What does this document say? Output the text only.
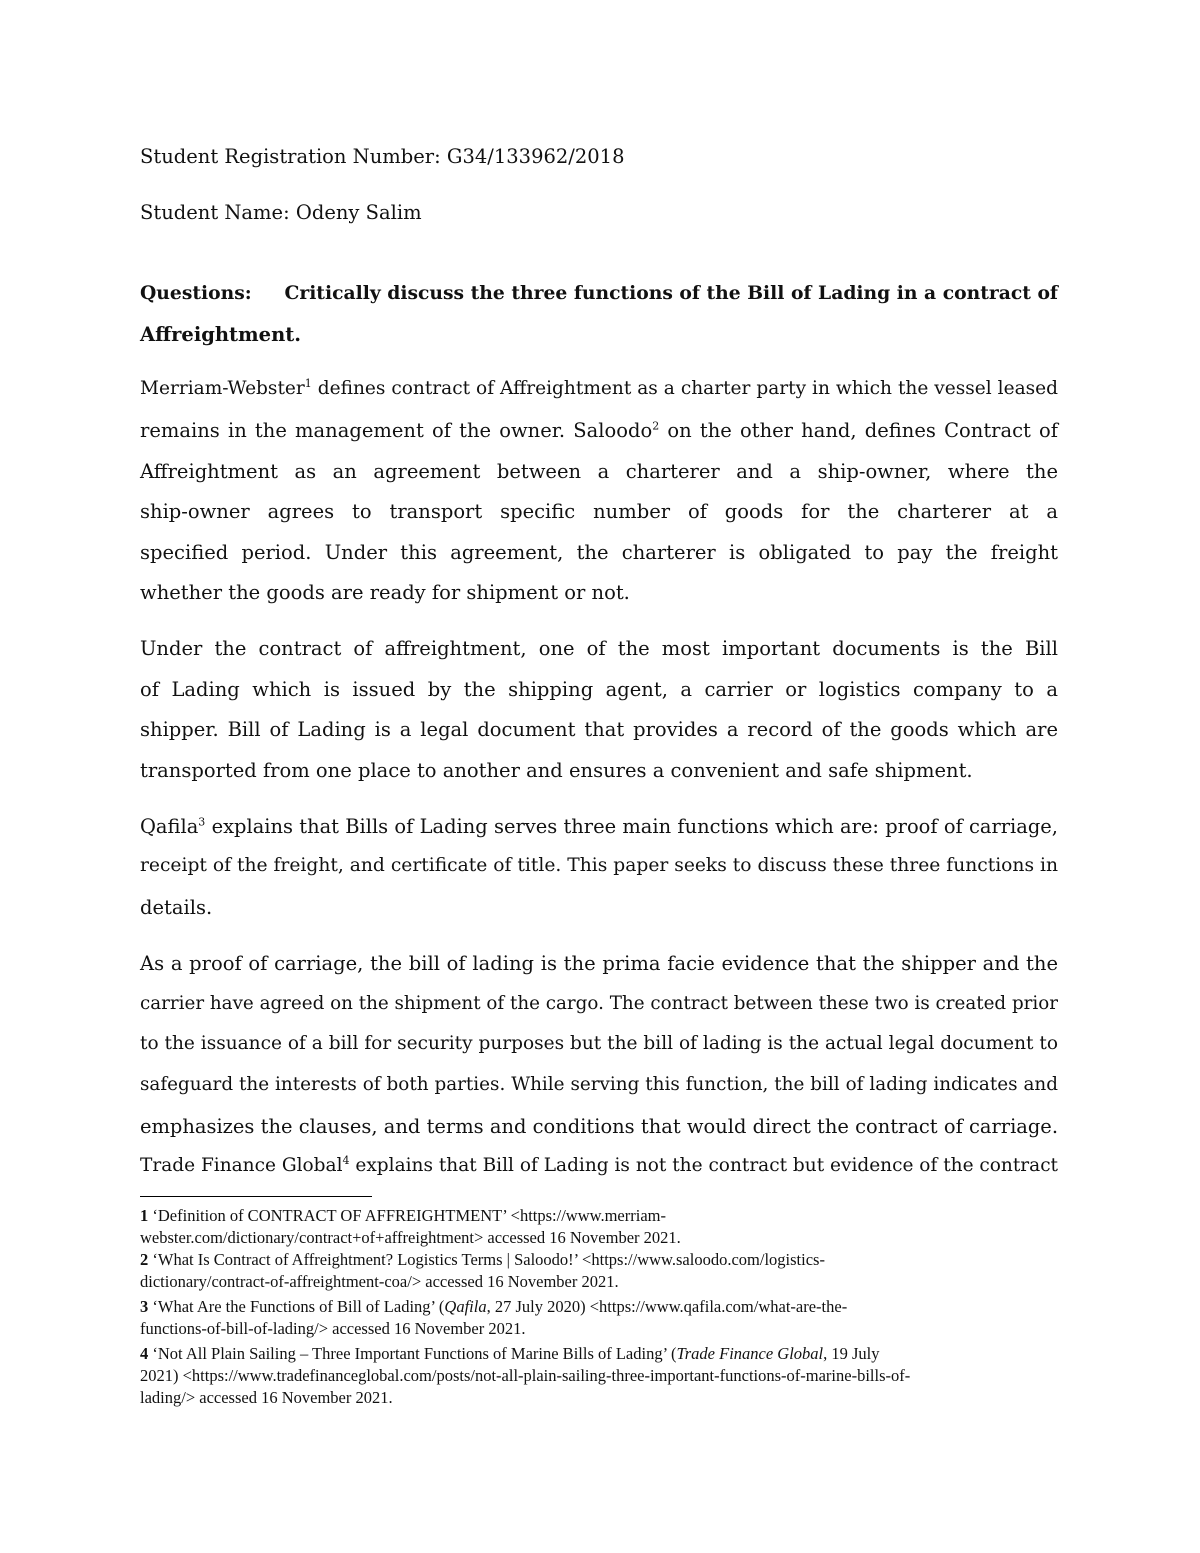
Student Registration Number: G34/133962/2018
Student Name: Odeny Salim
Questions: Critically discuss the three functions of the Bill of Lading in a contract of
Affreightment.
Merriam-Webster$^1$ defines contract of Affreightment as a charter party in which the vessel leased
remains in the management of the owner. Saloodo$^2$ on the other hand, defines Contract of
Affreightment as an agreement between a charterer and a ship-owner, where the
ship-owner agrees to transport specific number of goods for the charterer at a
specified period. Under this agreement, the charterer is obligated to pay the freight
whether the goods are ready for shipment or not.
Under the contract of affreightment, one of the most important documents is the Bill
of Lading which is issued by the shipping agent, a carrier or logistics company to a
shipper. Bill of Lading is a legal document that provides a record of the goods which are
transported from one place to another and ensures a convenient and safe shipment.
Qafila$^3$ explains that Bills of Lading serves three main functions which are: proof of carriage,
receipt of the freight, and certificate of title. This paper seeks to discuss these three functions in
details.
As a proof of carriage, the bill of lading is the prima facie evidence that the shipper and the
carrier have agreed on the shipment of the cargo. The contract between these two is created prior
to the issuance of a bill for security purposes but the bill of lading is the actual legal document to
safeguard the interests of both parties. While serving this function, the bill of lading indicates and
emphasizes the clauses, and terms and conditions that would direct the contract of carriage.
Trade Finance Global$^4$ explains that Bill of Lading is not the contract but evidence of the contract
1 ‘Definition of CONTRACT OF AFFREIGHTMENT’ <https://www.merriam-
webster.com/dictionary/contract+of+affreightment> accessed 16 November 2021.
2 ‘What Is Contract of Affreightment? Logistics Terms | Saloodo!’ <https://www.saloodo.com/logistics-
dictionary/contract-of-affreightment-coa/> accessed 16 November 2021.
3 ‘What Are the Functions of Bill of Lading’ (Qafila, 27 July 2020) <https://www.qafila.com/what-are-the-
functions-of-bill-of-lading/> accessed 16 November 2021.
4 ‘Not All Plain Sailing – Three Important Functions of Marine Bills of Lading’ (Trade Finance Global, 19 July
2021) <https://www.tradefinanceglobal.com/posts/not-all-plain-sailing-three-important-functions-of-marine-bills-of-
lading/> accessed 16 November 2021.
